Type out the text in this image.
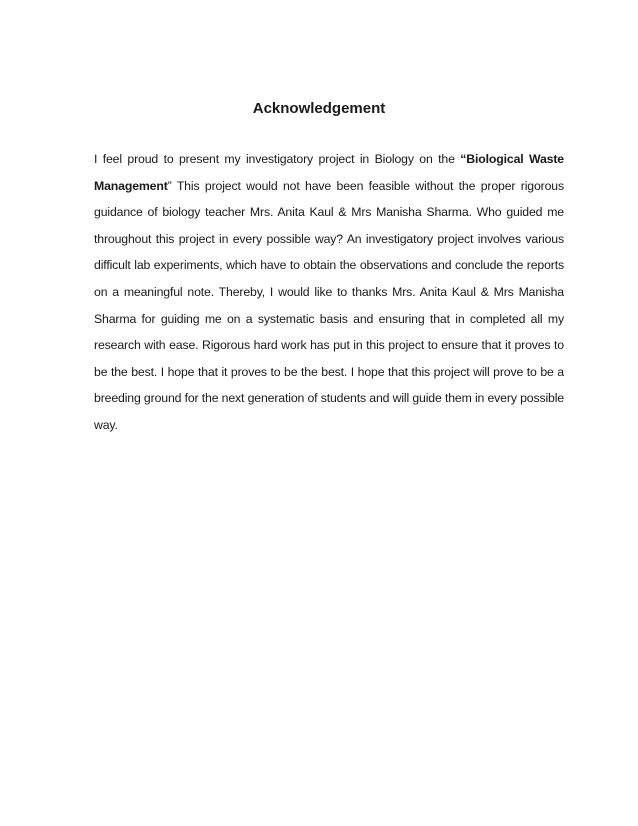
Acknowledgement

I feel proud to present my investigatory project in Biology on the “Biological Waste Management” This project would not have been feasible without the proper rigorous guidance of biology teacher Mrs. Anita Kaul & Mrs Manisha Sharma. Who guided me throughout this project in every possible way? An investigatory project involves various difficult lab experiments, which have to obtain the observations and conclude the reports on a meaningful note. Thereby, I would like to thanks Mrs. Anita Kaul & Mrs Manisha Sharma for guiding me on a systematic basis and ensuring that in completed all my research with ease. Rigorous hard work has put in this project to ensure that it proves to be the best. I hope that it proves to be the best. I hope that this project will prove to be a breeding ground for the next generation of students and will guide them in every possible way.
